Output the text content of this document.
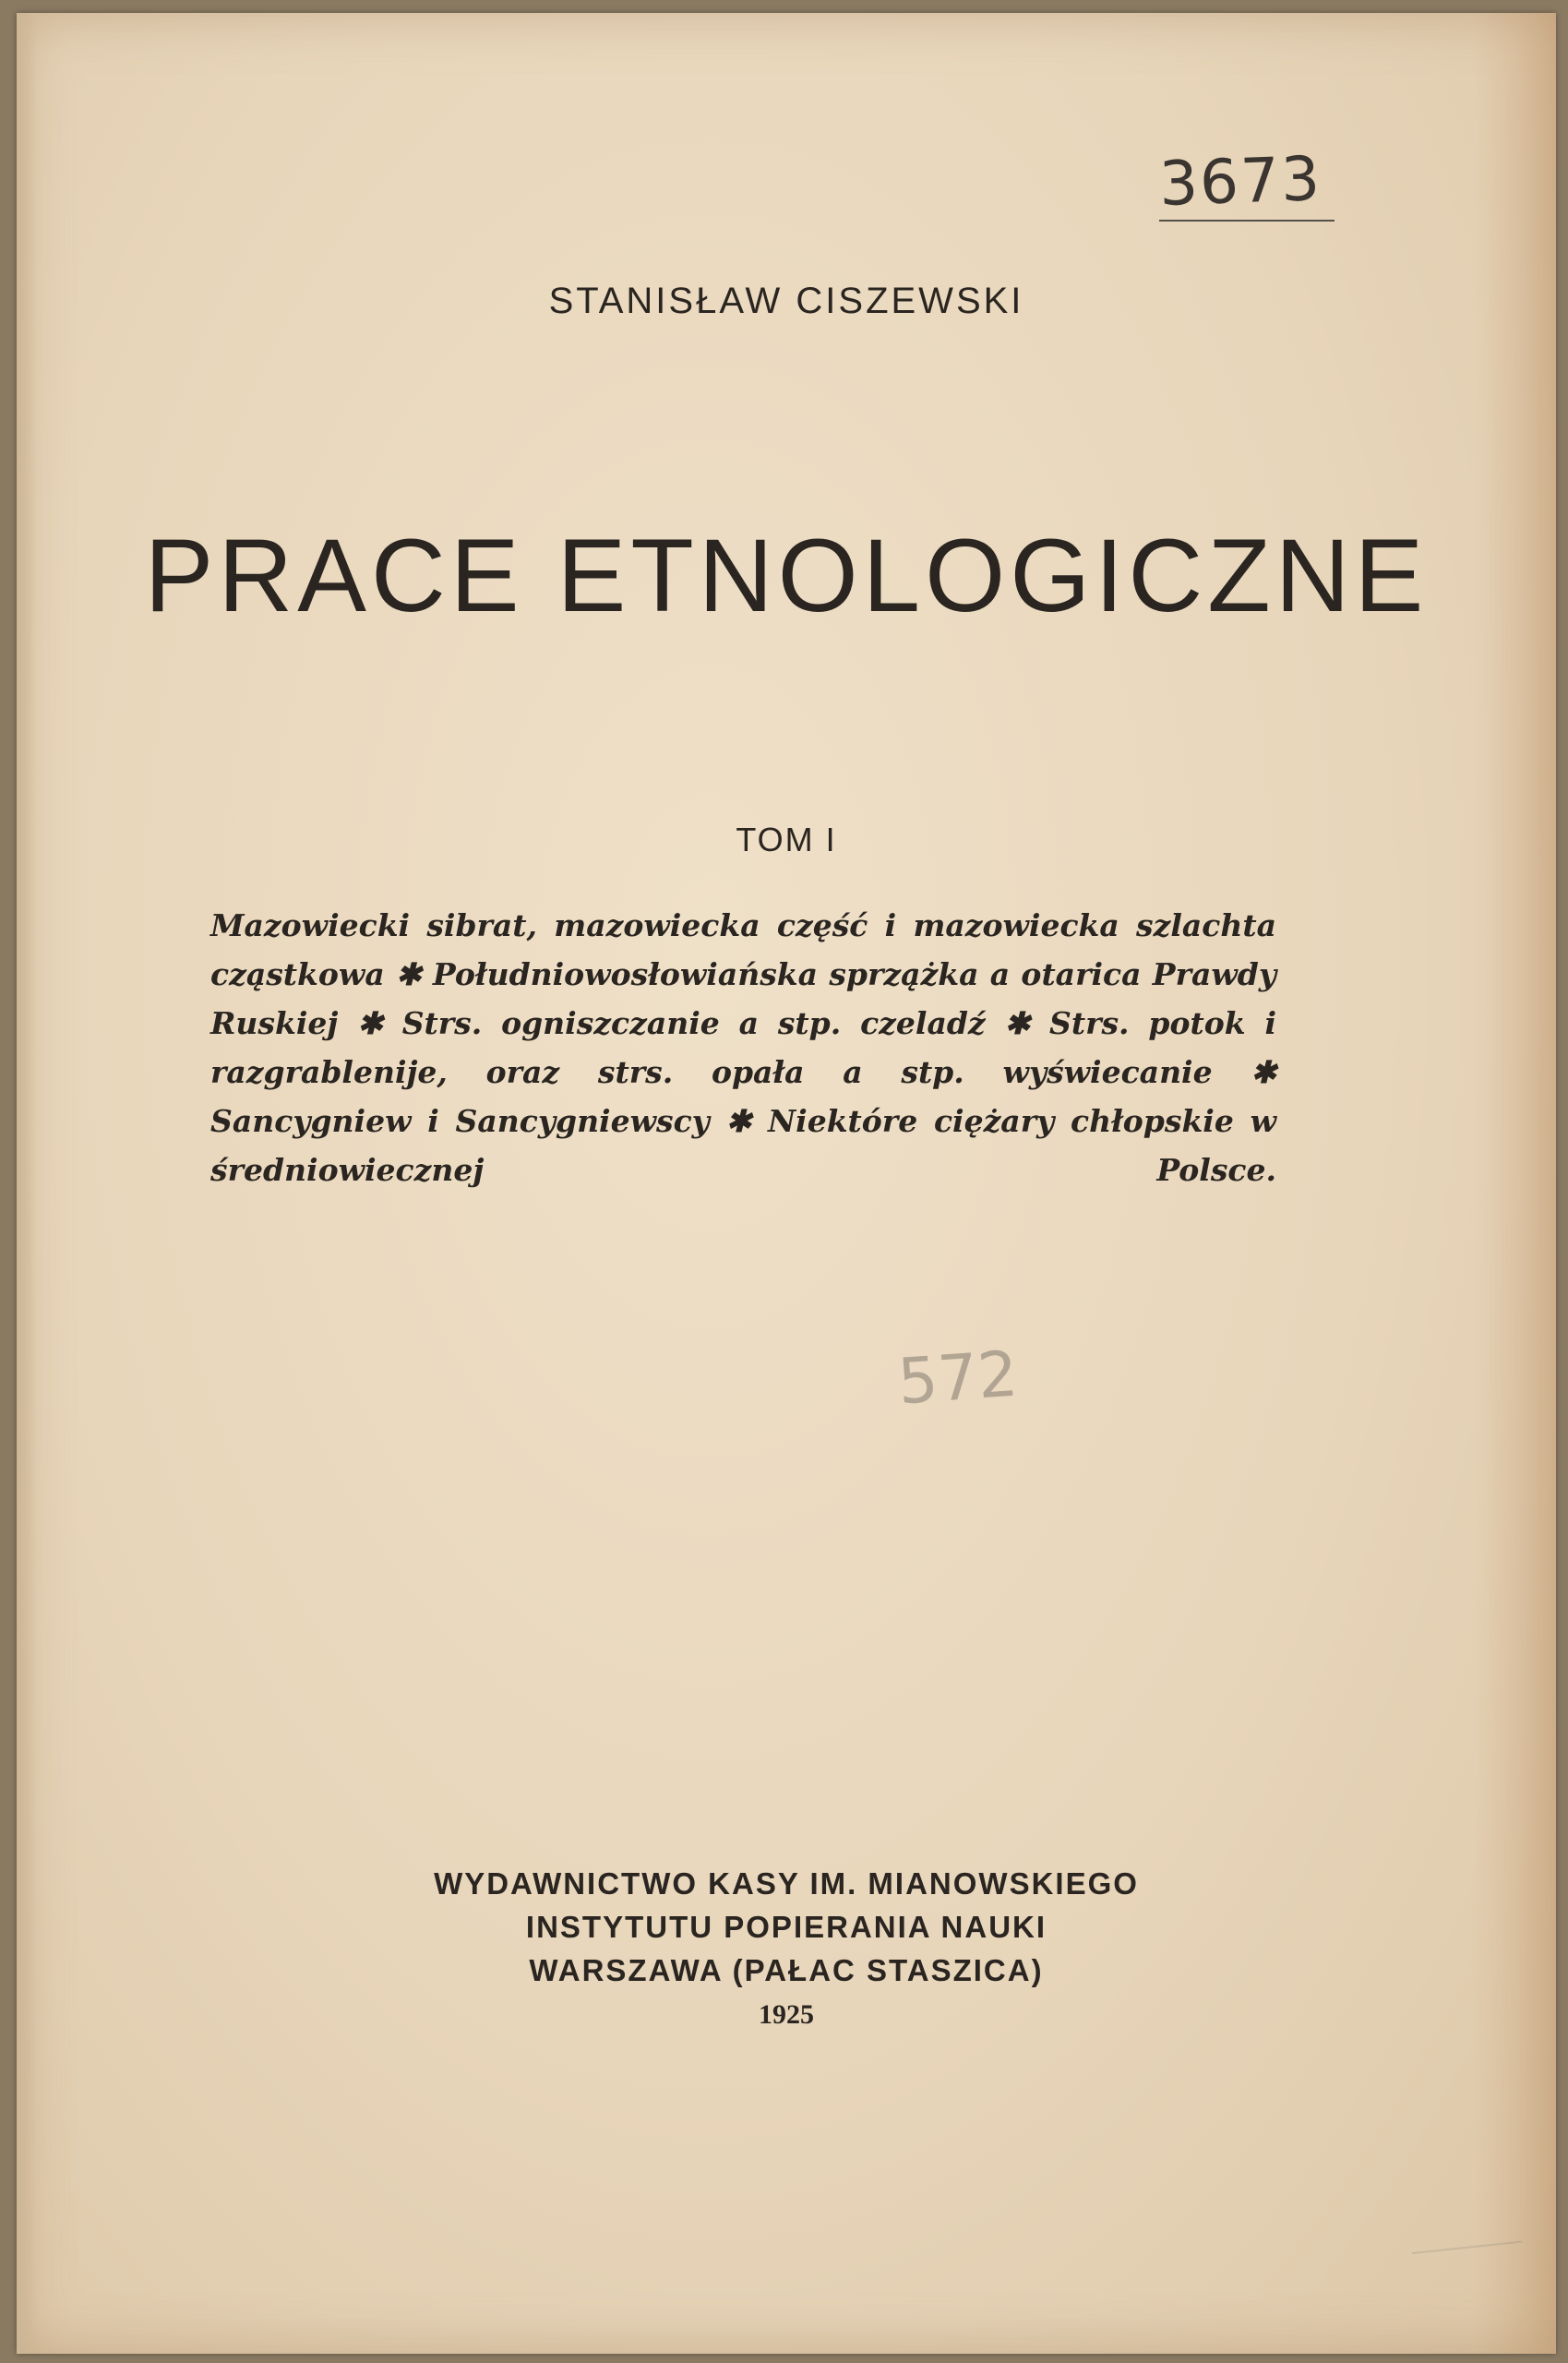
3673

STANISŁAW CISZEWSKI

PRACE ETNOLOGICZNE

TOM I

Mazowiecki sibrat, mazowiecka część i mazowiecka szlachta cząstkowa ✱ Południowosłowiańska sprzążka a otarica Prawdy Ruskiej ✱ Strs. ogniszczanie a stp. czeladź ✱ Strs. potok i razgrablenije, oraz strs. opała a stp. wyświecanie ✱ Sancygniew i Sancygniewscy ✱ Niektóre ciężary chłopskie w średniowiecznej Polsce.

572

WYDAWNICTWO KASY IM. MIANOWSKIEGO

INSTYTUTU POPIERANIA NAUKI

WARSZAWA (PAŁAC STASZICA)

1925
